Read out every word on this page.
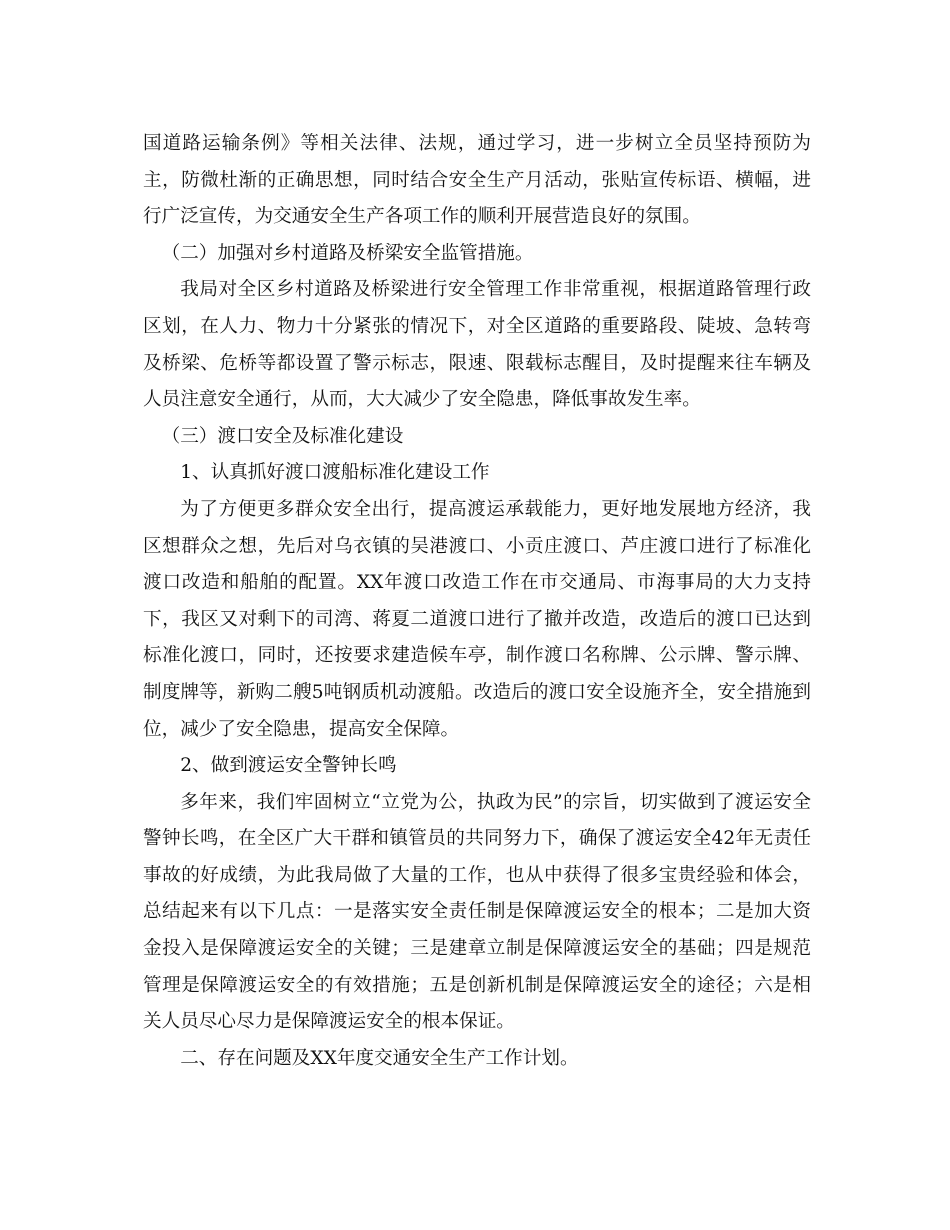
国道路运输条例》等相关法律、法规，通过学习，进一步树立全员坚持预防为主，防微杜渐的正确思想，同时结合安全生产月活动，张贴宣传标语、横幅，进行广泛宣传，为交通安全生产各项工作的顺利开展营造良好的氛围。

（二）加强对乡村道路及桥梁安全监管措施。

我局对全区乡村道路及桥梁进行安全管理工作非常重视，根据道路管理行政区划，在人力、物力十分紧张的情况下，对全区道路的重要路段、陡坡、急转弯及桥梁、危桥等都设置了警示标志，限速、限载标志醒目，及时提醒来往车辆及人员注意安全通行，从而，大大减少了安全隐患，降低事故发生率。

（三）渡口安全及标准化建设

1、认真抓好渡口渡船标准化建设工作

为了方便更多群众安全出行，提高渡运承载能力，更好地发展地方经济，我区想群众之想，先后对乌衣镇的吴港渡口、小贡庄渡口、芦庄渡口进行了标准化渡口改造和船舶的配置。XX年渡口改造工作在市交通局、市海事局的大力支持下，我区又对剩下的司湾、蒋夏二道渡口进行了撤并改造，改造后的渡口已达到标准化渡口，同时，还按要求建造候车亭，制作渡口名称牌、公示牌、警示牌、制度牌等，新购二艘5吨钢质机动渡船。改造后的渡口安全设施齐全，安全措施到位，减少了安全隐患，提高安全保障。

2、做到渡运安全警钟长鸣

多年来，我们牢固树立“立党为公，执政为民”的宗旨，切实做到了渡运安全警钟长鸣，在全区广大干群和镇管员的共同努力下，确保了渡运安全42年无责任事故的好成绩，为此我局做了大量的工作，也从中获得了很多宝贵经验和体会，总结起来有以下几点：一是落实安全责任制是保障渡运安全的根本；二是加大资金投入是保障渡运安全的关键；三是建章立制是保障渡运安全的基础；四是规范管理是保障渡运安全的有效措施；五是创新机制是保障渡运安全的途径；六是相关人员尽心尽力是保障渡运安全的根本保证。

二、存在问题及XX年度交通安全生产工作计划。
